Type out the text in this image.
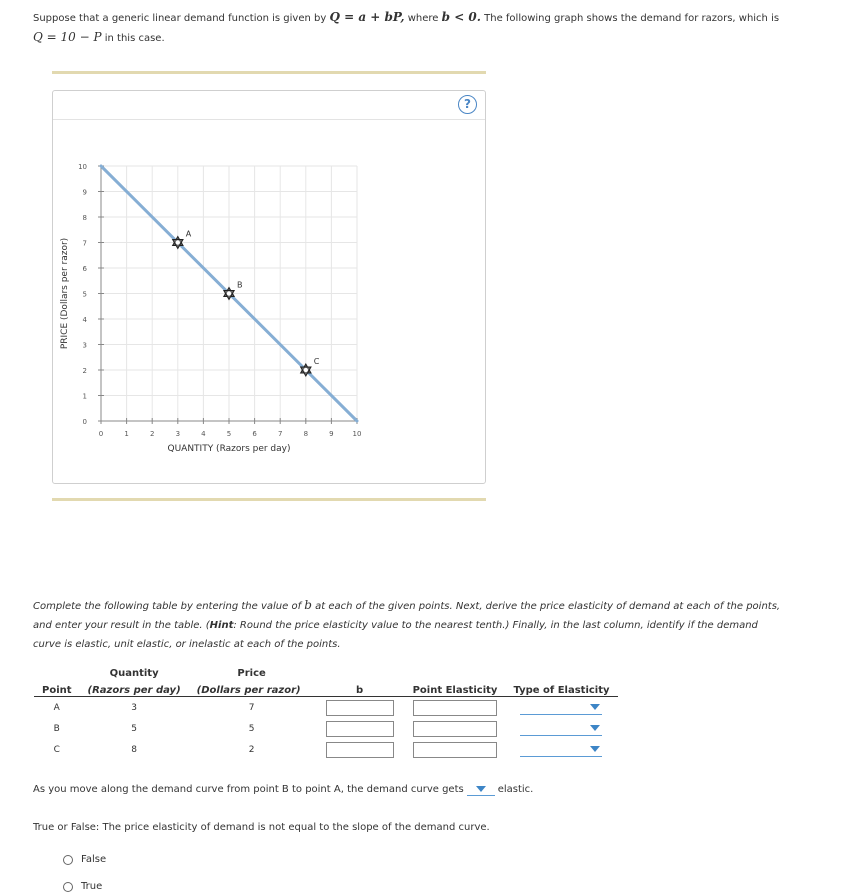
Suppose that a generic linear demand function is given by Q = a + bP, where b < 0. The following graph shows the demand for razors, which is
Q = 10 − P in this case.
?
0	1	2	3	4	5	6	7	8	9	10
0
1
2
3
4
5
6
7
8
9
10
A
B
C
QUANTITY (Razors per day)
PRICE (Dollars per razor)
Complete the following table by entering the value of b at each of the given points. Next, derive the price elasticity of demand at each of the points,
and enter your result in the table. (Hint: Round the price elasticity value to the nearest tenth.) Finally, in the last column, identify if the demand
curve is elastic, unit elastic, or inelastic at each of the points.
	Quantity	Price			
Point	(Razors per day)	(Dollars per razor)	b	Point Elasticity	Type of Elasticity
A	3	7			

B	5	5			

C	8	2			
As you move along the demand curve from point B to point A, the demand curve gets	elastic.
True or False: The price elasticity of demand is not equal to the slope of the demand curve.
False
True
